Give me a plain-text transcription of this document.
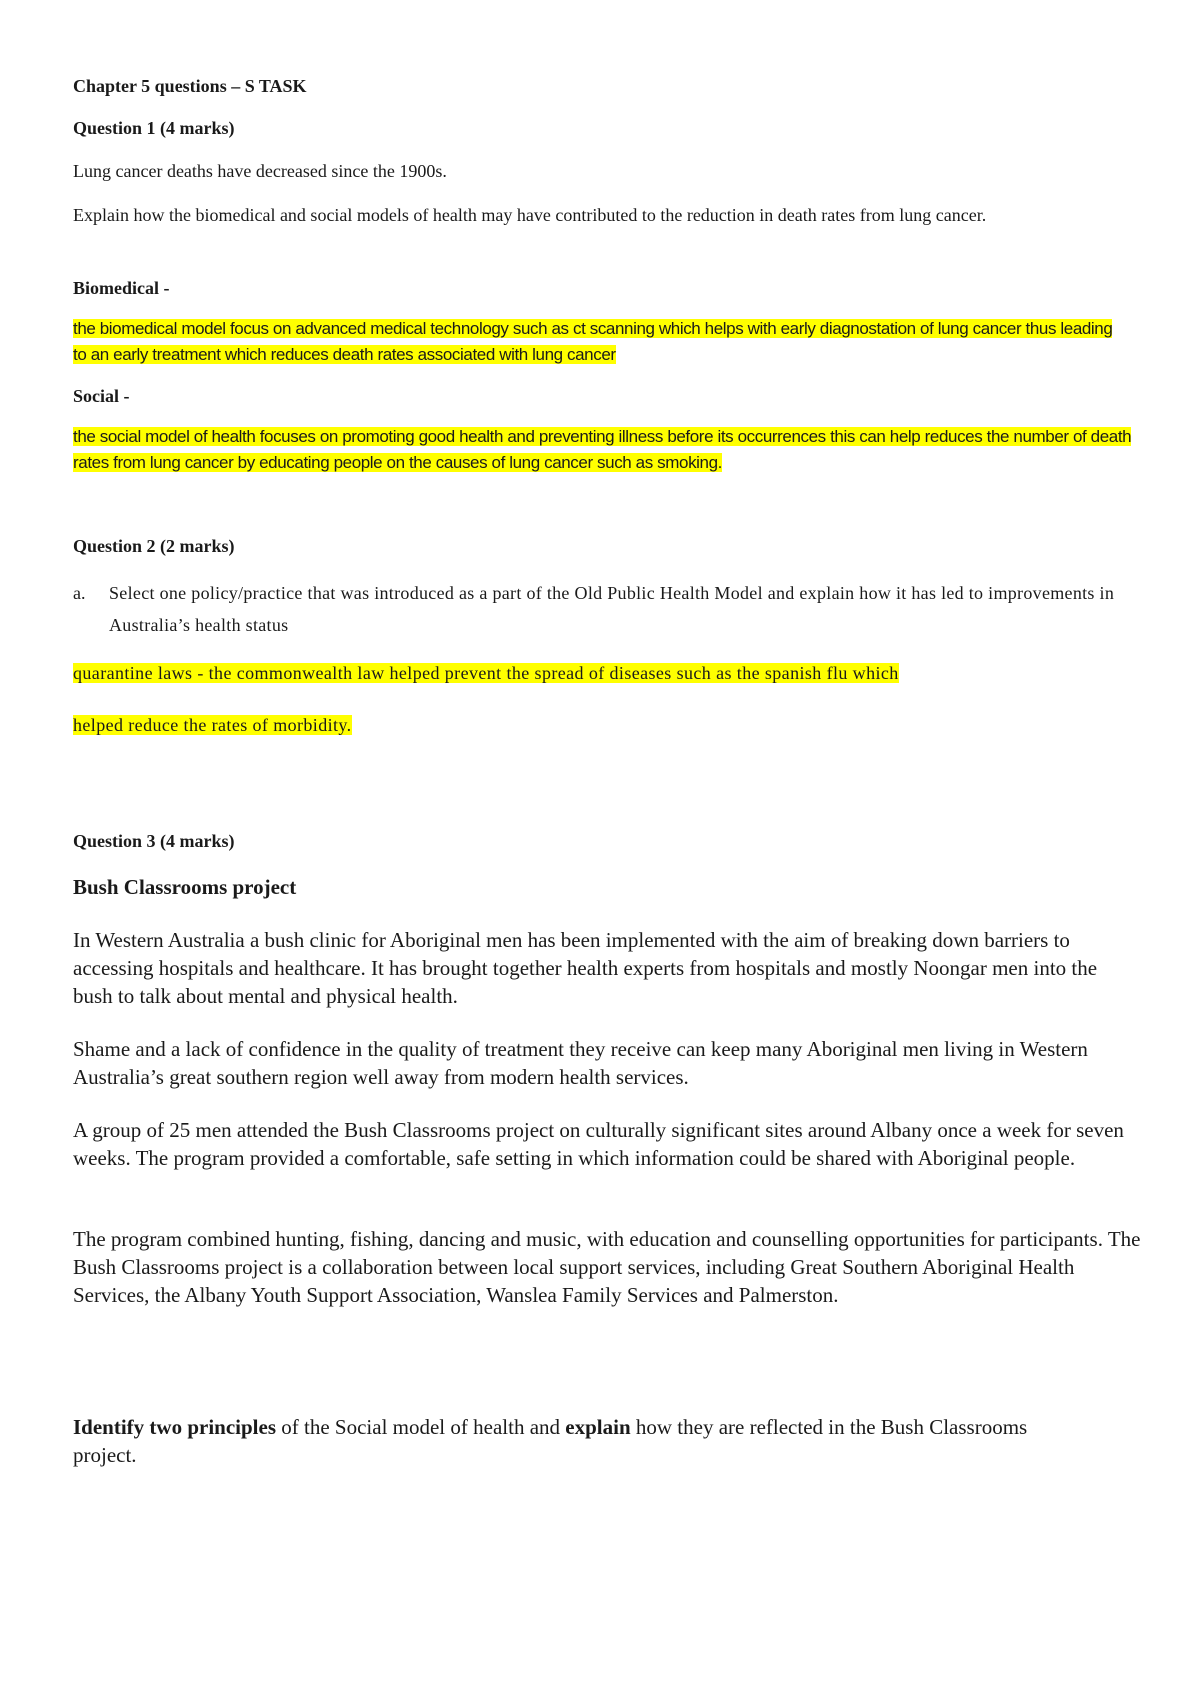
Chapter 5 questions – S TASK

Question 1 (4 marks)

Lung cancer deaths have decreased since the 1900s.

Explain how the biomedical and social models of health may have contributed to the reduction in death rates from lung cancer.

Biomedical -

the biomedical model focus on advanced medical technology such as ct scanning which helps with early diagnostation of lung cancer thus leading to an early treatment which reduces death rates associated with lung cancer

Social -

the social model of health focuses on promoting good health and preventing illness before its occurrences this can help reduces the number of death rates from lung cancer by educating people on the causes of lung cancer such as smoking.

Question 2 (2 marks)

a. Select one policy/practice that was introduced as a part of the Old Public Health Model and explain how it has led to improvements in Australia’s health status

quarantine laws - the commonwealth law helped prevent the spread of diseases such as the spanish flu which

helped reduce the rates of morbidity.

Question 3 (4 marks)

Bush Classrooms project

In Western Australia a bush clinic for Aboriginal men has been implemented with the aim of breaking down barriers to accessing hospitals and healthcare. It has brought together health experts from hospitals and mostly Noongar men into the bush to talk about mental and physical health.

Shame and a lack of confidence in the quality of treatment they receive can keep many Aboriginal men living in Western Australia’s great southern region well away from modern health services.

A group of 25 men attended the Bush Classrooms project on culturally significant sites around Albany once a week for seven weeks. The program provided a comfortable, safe setting in which information could be shared with Aboriginal people.

The program combined hunting, fishing, dancing and music, with education and counselling opportunities for participants. The Bush Classrooms project is a collaboration between local support services, including Great Southern Aboriginal Health Services, the Albany Youth Support Association, Wanslea Family Services and Palmerston.

Identify two principles of the Social model of health and explain how they are reflected in the Bush Classrooms project.
